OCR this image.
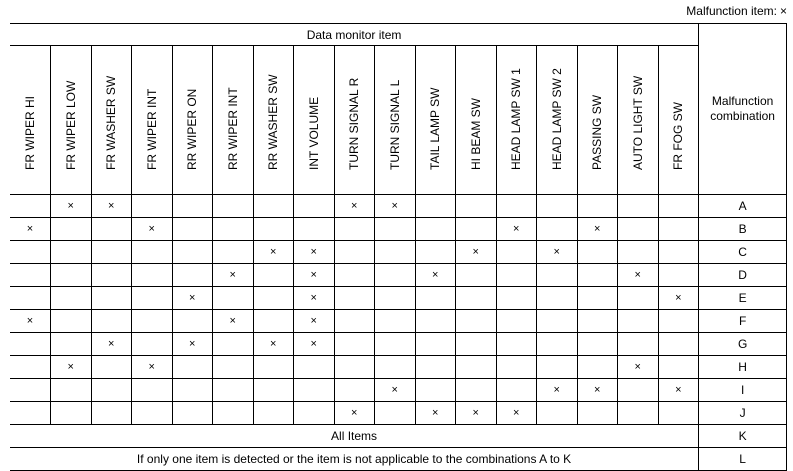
Malfunction item: ×
Data monitor item																	Malfunction combination

FR WIPER HI	FR WIPER LOW	FR WASHER SW	FR WIPER INT	RR WIPER ON	RR WIPER INT	RR WASHER SW	INT VOLUME	TURN SIGNAL R	TURN SIGNAL L	TAIL LAMP SW	HI BEAM SW	HEAD LAMP SW 1	HEAD LAMP SW 2	PASSING SW	AUTO LIGHT SW	FR FOG SW	

	×	×						×	×								A
×			×									×		×			B
						×	×				×		×				C
					×		×			×					×		D
				×			×									×	E
×					×		×										F
		×		×		×	×										G
	×		×												×		H
									×				×	×		×	I
								×		×	×	×					J
All Items																	K
If only one item is detected or the item is not applicable to the combinations A to K																	L
